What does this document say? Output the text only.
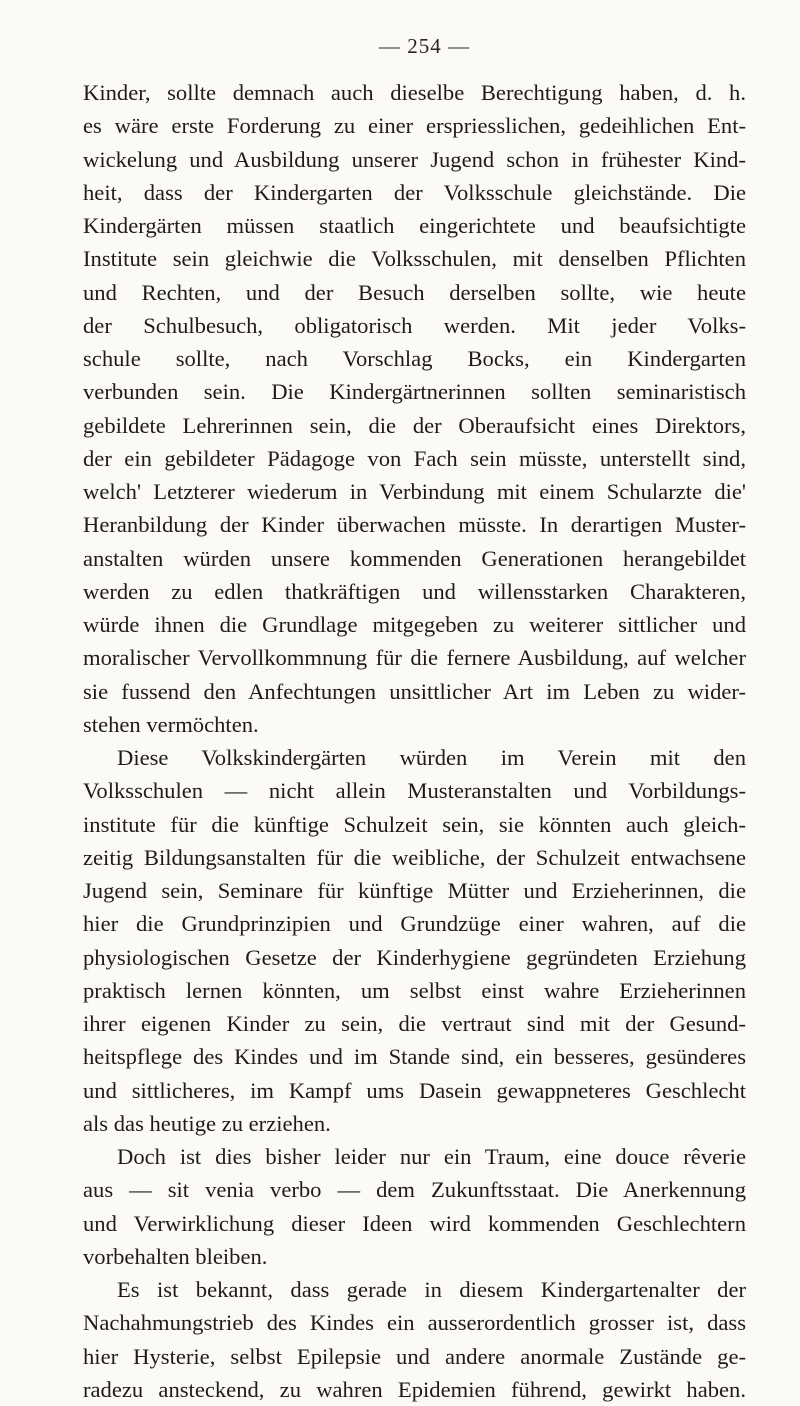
— 254 —
Kinder, sollte demnach auch dieselbe Berechtigung haben, d. h.
es wäre erste Forderung zu einer erspriesslichen, gedeihlichen Ent-
wickelung und Ausbildung unserer Jugend schon in frühester Kind-
heit, dass der Kindergarten der Volksschule gleichstände. Die
Kindergärten müssen staatlich eingerichtete und beaufsichtigte
Institute sein gleichwie die Volksschulen, mit denselben Pflichten
und Rechten, und der Besuch derselben sollte, wie heute
der Schulbesuch, obligatorisch werden. Mit jeder Volks-
schule sollte, nach Vorschlag Bocks, ein Kindergarten
verbunden sein. Die Kindergärtnerinnen sollten seminaristisch
gebildete Lehrerinnen sein, die der Oberaufsicht eines Direktors,
der ein gebildeter Pädagoge von Fach sein müsste, unterstellt sind,
welch' Letzterer wiederum in Verbindung mit einem Schularzte die'
Heranbildung der Kinder überwachen müsste. In derartigen Muster-
anstalten würden unsere kommenden Generationen herangebildet
werden zu edlen thatkräftigen und willensstarken Charakteren,
würde ihnen die Grundlage mitgegeben zu weiterer sittlicher und
moralischer Vervollkommnung für die fernere Ausbildung, auf welcher
sie fussend den Anfechtungen unsittlicher Art im Leben zu wider-
stehen vermöchten.
Diese Volkskindergärten würden im Verein mit den
Volksschulen — nicht allein Musteranstalten und Vorbildungs-
institute für die künftige Schulzeit sein, sie könnten auch gleich-
zeitig Bildungsanstalten für die weibliche, der Schulzeit entwachsene
Jugend sein, Seminare für künftige Mütter und Erzieherinnen, die
hier die Grundprinzipien und Grundzüge einer wahren, auf die
physiologischen Gesetze der Kinderhygiene gegründeten Erziehung
praktisch lernen könnten, um selbst einst wahre Erzieherinnen
ihrer eigenen Kinder zu sein, die vertraut sind mit der Gesund-
heitspflege des Kindes und im Stande sind, ein besseres, gesünderes
und sittlicheres, im Kampf ums Dasein gewappneteres Geschlecht
als das heutige zu erziehen.
Doch ist dies bisher leider nur ein Traum, eine douce rêverie
aus — sit venia verbo — dem Zukunftsstaat. Die Anerkennung
und Verwirklichung dieser Ideen wird kommenden Geschlechtern
vorbehalten bleiben.
Es ist bekannt, dass gerade in diesem Kindergartenalter der
Nachahmungstrieb des Kindes ein ausserordentlich grosser ist, dass
hier Hysterie, selbst Epilepsie und andere anormale Zustände ge-
radezu ansteckend, zu wahren Epidemien führend, gewirkt haben.
